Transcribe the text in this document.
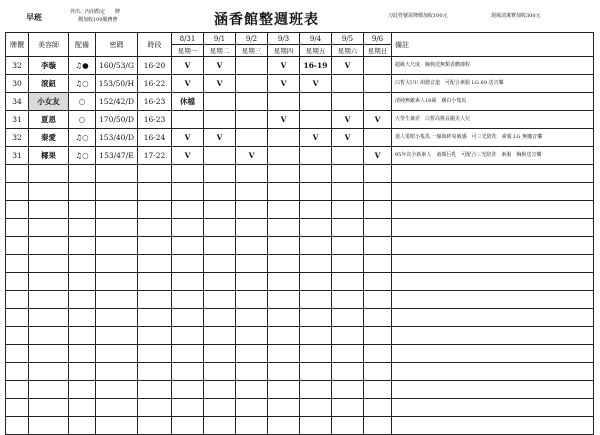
早班	外出、內用酌定　　牌
價加收100服務費	涵香館整週班表	刀此符號需牌價加收100元	現場清潔費加收300元
牌價	美容師	配備	密碼	時段	8/31	9/1	9/2	9/3	9/4	9/5	9/6	備註
					星期一	星期二	星期三	星期四	星期五	星期六	星期日	
32	李璇	♫●	160/53/G	16-20	V	V		V	16-19	V		超級大尺度　胸狗送無類香體課程
30	滾鈕	♫○	153/50/H	16-22	V	V		V	V			白皙大UU 胡德音道　可配合素服 LG 69 送音樂
34	小女友	○	152/42/D	16-23	休檔							清純無敵素人18歲　膚白小隻馬
31	夏恩	○	170/50/D	16-23				V		V	V	大學生兼差　白皙高挑長腿美人兒
32	秦愛	♫○	153/40/D	16-24	V	V			V	V		迷人電眼小隻馬 一線海絆易敏感　可三光陪洗　素服 LG 無魔音樂
31	椰果	♫○	153/47/E	17-22	V		V				V	95年次全新素人　童顏巨乳　可配合三光陪洗　素服　胸狗送音樂
